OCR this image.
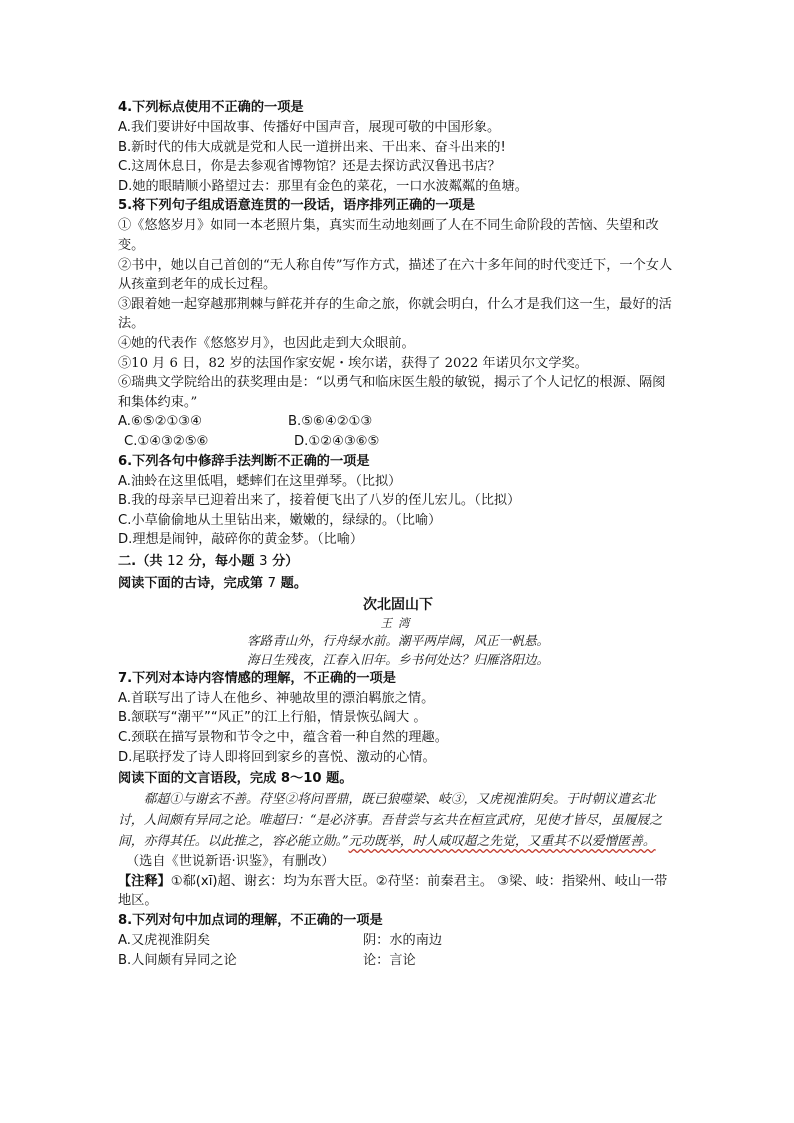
4.下列标点使用不正确的一项是
A.我们要讲好中国故事、传播好中国声音，展现可敬的中国形象。
B.新时代的伟大成就是党和人民一道拼出来、干出来、奋斗出来的!
C.这周休息日，你是去参观省博物馆？还是去探访武汉鲁迅书店？
D.她的眼睛顺小路望过去：那里有金色的菜花，一口水波粼粼的鱼塘。
5.将下列句子组成语意连贯的一段话，语序排列正确的一项是
①《悠悠岁月》如同一本老照片集，真实而生动地刻画了人在不同生命阶段的苦恼、失望和改变。
②书中，她以自己首创的“无人称自传”写作方式，描述了在六十多年间的时代变迁下，一个女人从孩童到老年的成长过程。
③跟着她一起穿越那荆棘与鲜花并存的生命之旅，你就会明白，什么才是我们这一生，最好的活法。
④她的代表作《悠悠岁月》，也因此走到大众眼前。
⑤10 月 6 日，82 岁的法国作家安妮・埃尔诺，获得了 2022 年诺贝尔文学奖。
⑥瑞典文学院给出的获奖理由是：“以勇气和临床医生般的敏锐，揭示了个人记忆的根源、隔阂和集体约束。”
A.⑥⑤②①③④	B.⑤⑥④②①③
C.①④③②⑤⑥	D.①②④③⑥⑤
6.下列各句中修辞手法判断不正确的一项是
A.油蛉在这里低唱，蟋蟀们在这里弹琴。（比拟）
B.我的母亲早已迎着出来了，接着便飞出了八岁的侄儿宏儿。（比拟）
C.小草偷偷地从土里钻出来，嫩嫩的，绿绿的。（比喻）
D.理想是闹钟，敲碎你的黄金梦。（比喻）
二.（共 12 分，每小题 3 分）
阅读下面的古诗，完成第 7 题。
次北固山下
王湾
客路青山外，行舟绿水前。潮平两岸阔，风正一帆悬。
海日生残夜，江春入旧年。乡书何处达？归雁洛阳边。
7.下列对本诗内容情感的理解，不正确的一项是
A.首联写出了诗人在他乡、神驰故里的漂泊羁旅之情。
B.颔联写“潮平”“风正”的江上行船，情景恢弘阔大 。
C.颈联在描写景物和节令之中，蕴含着一种自然的理趣。
D.尾联抒发了诗人即将回到家乡的喜悦、激动的心情。
阅读下面的文言语段，完成 8～10 题。
郗超①与谢玄不善。苻坚②将问晋鼎，既已狼噬梁、岐③，又虎视淮阴矣。于时朝议遣玄北讨，人间颇有异同之论。唯超曰：“是必济事。吾昔尝与玄共在桓宣武府，见使才皆尽，虽履屐之间，亦得其任。以此推之，容必能立勋。”元功既举，时人咸叹超之先觉，又重其不以爱憎匿善。
（选自《世说新语·识鉴》，有删改）
【注释】①郗(xī)超、谢玄：均为东晋大臣。②苻坚：前秦君主。 ③梁、岐：指梁州、岐山一带地区。
8.下列对句中加点词的理解，不正确的一项是
A.又虎视淮阴矣	阴：水的南边
B.人间颇有异同之论	论：言论
